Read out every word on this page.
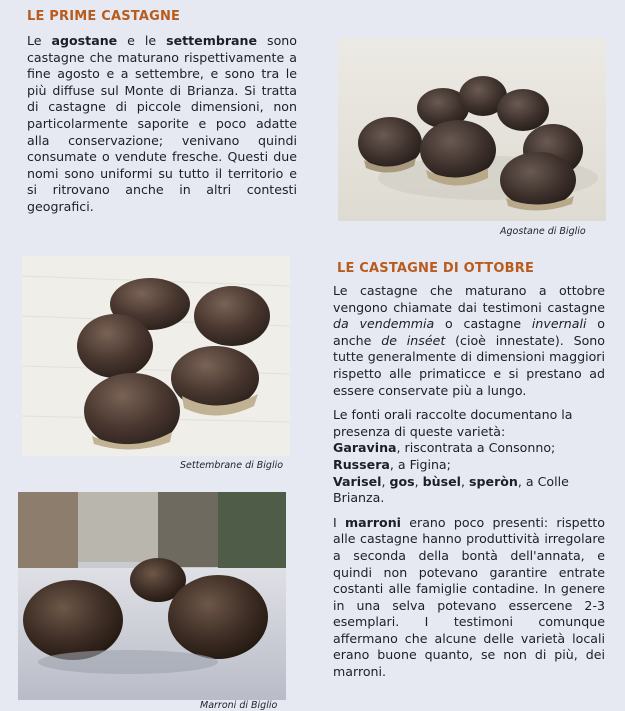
LE PRIME CASTAGNE

Le agostane e le settembrane sono castagne che maturano rispettivamente a fine agosto e a settembre, e sono tra le più diffuse sul Monte di Brianza. Si tratta di castagne di piccole dimensioni, non particolarmente saporite e poco adatte alla conservazione; venivano quindi consumate o vendute fresche. Questi due nomi sono uniformi su tutto il territorio e si ritrovano anche in altri contesti geografici.

Agostane di Biglio

Settembrane di Biglio

Marroni di Biglio

LE CASTAGNE DI OTTOBRE

Le castagne che maturano a ottobre vengono chiamate dai testimoni castagne da vendemmia o castagne invernali o anche de inséet (cioè innestate). Sono tutte generalmente di dimensioni maggiori rispetto alle primaticce e si prestano ad essere conservate più a lungo.

Le fonti orali raccolte documentano la presenza di queste varietà:
Garavina, riscontrata a Consonno;
Russera, a Figina;
Varisel, gos, bùsel, speròn, a Colle Brianza.

I marroni erano poco presenti: rispetto alle castagne hanno produttività irregolare a seconda della bontà dell'annata, e quindi non potevano garantire entrate costanti alle famiglie contadine. In genere in una selva potevano essercene 2-3 esemplari. I testimoni comunque affermano che alcune delle varietà locali erano buone quanto, se non di più, dei marroni.
